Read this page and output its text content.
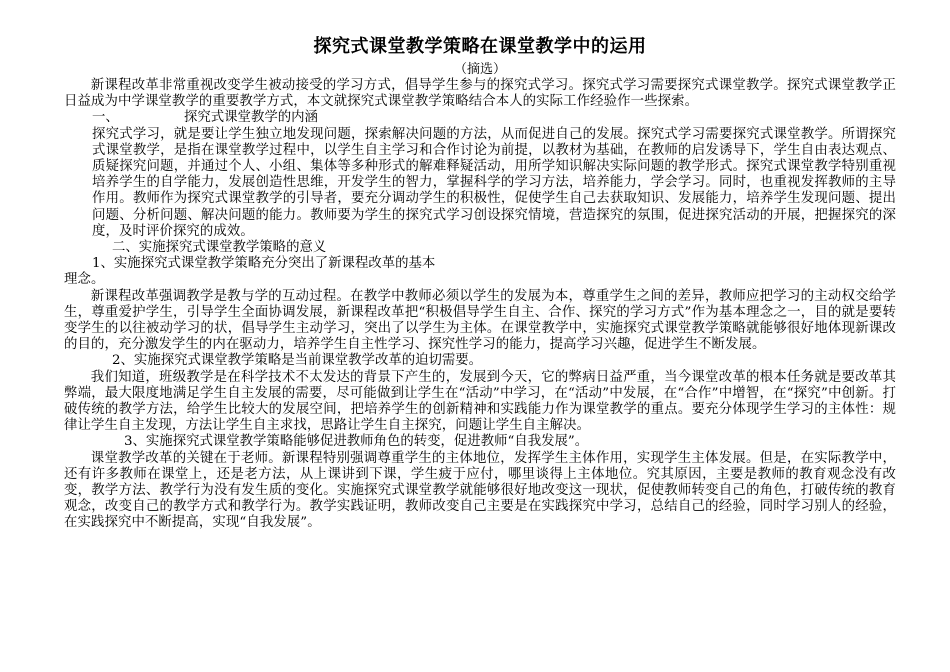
探究式课堂教学策略在课堂教学中的运用

（摘选）

新课程改革非常重视改变学生被动接受的学习方式，倡导学生参与的探究式学习。探究式学习需要探究式课堂教学。探究式课堂教学正日益成为中学课堂教学的重要教学方式，本文就探究式课堂教学策略结合本人的实际工作经验作一些探索。

一、	探究式课堂教学的内涵

探究式学习，就是要让学生独立地发现问题，探索解决问题的方法，从而促进自己的发展。探究式学习需要探究式课堂教学。所谓探究式课堂教学，是指在课堂教学过程中，以学生自主学习和合作讨论为前提，以教材为基础，在教师的启发诱导下，学生自由表达观点、质疑探究问题，并通过个人、小组、集体等多种形式的解难释疑活动，用所学知识解决实际问题的教学形式。探究式课堂教学特别重视培养学生的自学能力，发展创造性思维，开发学生的智力，掌握科学的学习方法，培养能力，学会学习。同时，也重视发挥教师的主导作用。教师作为探究式课堂教学的引导者，要充分调动学生的积极性，促使学生自己去获取知识、发展能力，培养学生发现问题、提出问题、分析问题、解决问题的能力。教师要为学生的探究式学习创设探究情境，营造探究的氛围，促进探究活动的开展，把握探究的深度，及时评价探究的成效。

二、实施探究式课堂教学策略的意义

1、实施探究式课堂教学策略充分突出了新课程改革的基本

理念。

新课程改革强调教学是教与学的互动过程。在教学中教师必须以学生的发展为本，尊重学生之间的差异，教师应把学习的主动权交给学生，尊重爱护学生，引导学生全面协调发展，新课程改革把“积极倡导学生自主、合作、探究的学习方式”作为基本理念之一，目的就是要转变学生的以往被动学习的状，倡导学生主动学习，突出了以学生为主体。在课堂教学中，实施探究式课堂教学策略就能够很好地体现新课改的目的，充分激发学生的内在驱动力，培养学生自主性学习、探究性学习的能力，提高学习兴趣，促进学生不断发展。

2、实施探究式课堂教学策略是当前课堂教学改革的迫切需要。

我们知道，班级教学是在科学技术不太发达的背景下产生的，发展到今天，它的弊病日益严重，当今课堂改革的根本任务就是要改革其弊端，最大限度地满足学生自主发展的需要，尽可能做到让学生在“活动”中学习，在“活动”中发展，在“合作”中增智，在“探究”中创新。打破传统的教学方法，给学生比较大的发展空间，把培养学生的创新精神和实践能力作为课堂教学的重点。要充分体现学生学习的主体性：规律让学生自主发现，方法让学生自主求找，思路让学生自主探究，问题让学生自主解决。

3、实施探究式课堂教学策略能够促进教师角色的转变，促进教师“自我发展”。

课堂教学改革的关键在于老师。新课程特别强调尊重学生的主体地位，发挥学生主体作用，实现学生主体发展。但是，在实际教学中，还有许多教师在课堂上，还是老方法，从上课讲到下课，学生疲于应付，哪里谈得上主体地位。究其原因，主要是教师的教育观念没有改变，教学方法、教学行为没有发生质的变化。实施探究式课堂教学就能够很好地改变这一现状，促使教师转变自己的角色，打破传统的教育观念，改变自己的教学方式和教学行为。教学实践证明，教师改变自己主要是在实践探究中学习，总结自己的经验，同时学习别人的经验，在实践探究中不断提高，实现“自我发展”。
